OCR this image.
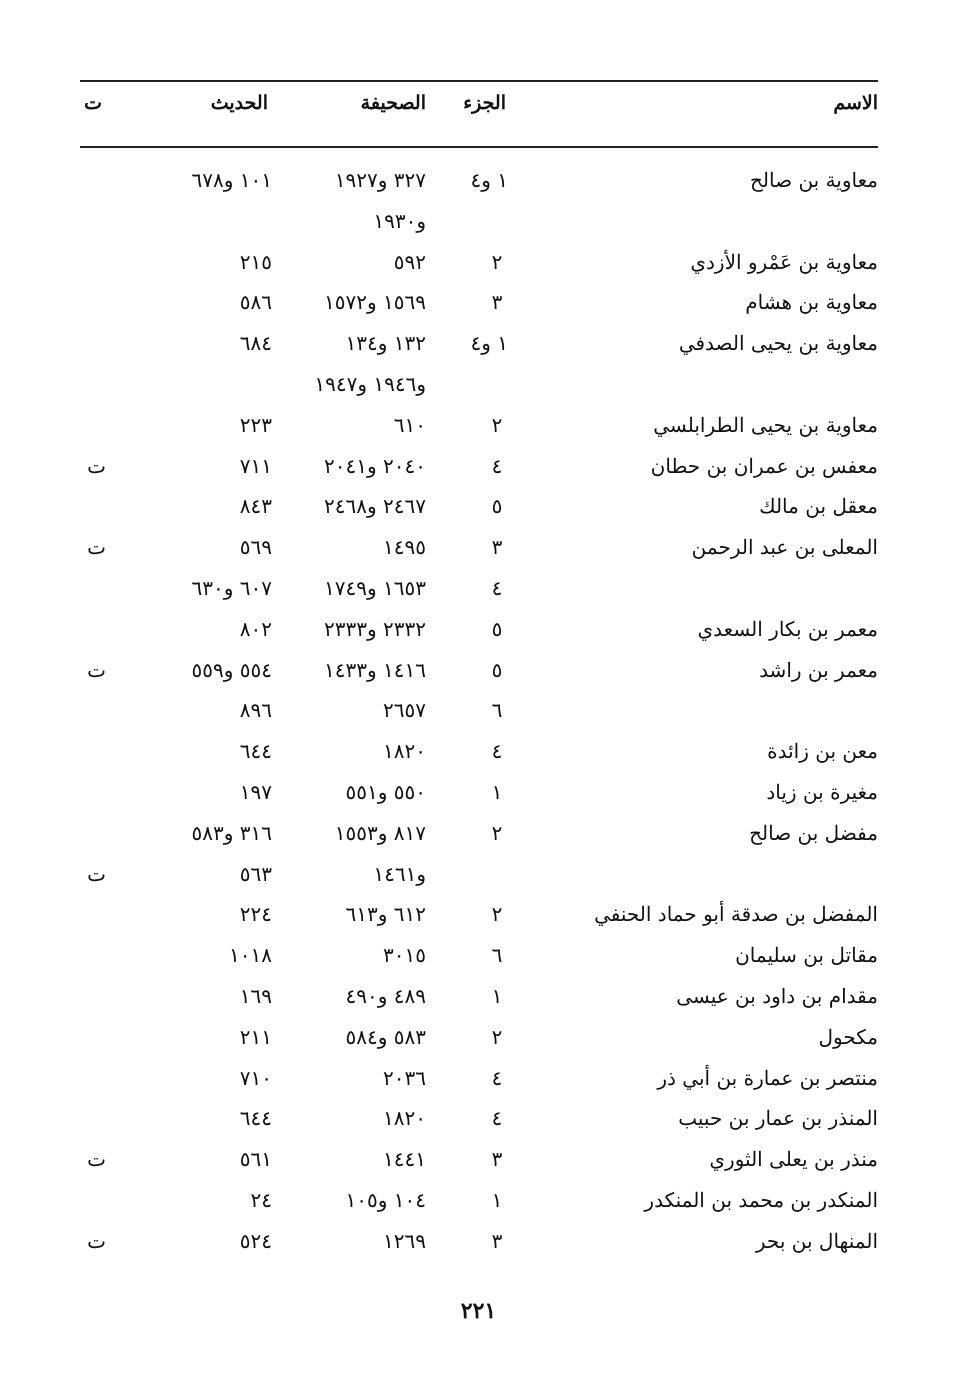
الاسم
الجزء
الصحيفة
الحديث
ت
معاوية بن صالح
١ و٤
٣٢٧ و١٩٢٧
١٠١ و٦٧٨
و١٩٣٠
معاوية بن عَمْرو الأزدي
٢
٥٩٢
٢١٥
معاوية بن هشام
٣
١٥٦٩ و١٥٧٢
٥٨٦
معاوية بن يحيى الصدفي
١ و٤
١٣٢ و١٣٤
٦٨٤
و١٩٤٦ و١٩٤٧
معاوية بن يحيى الطرابلسي
٢
٦١٠
٢٢٣
معفس بن عمران بن حطان
٤
٢٠٤٠ و٢٠٤١
٧١١
ت
معقل بن مالك
٥
٢٤٦٧ و٢٤٦٨
٨٤٣
المعلى بن عبد الرحمن
٣
١٤٩٥
٥٦٩
ت
٤
١٦٥٣ و١٧٤٩
٦٠٧ و٦٣٠
معمر بن بكار السعدي
٥
٢٣٣٢ و٢٣٣٣
٨٠٢
معمر بن راشد
٥
١٤١٦ و١٤٣٣
٥٥٤ و٥٥٩
ت
٦
٢٦٥٧
٨٩٦
معن بن زائدة
٤
١٨٢٠
٦٤٤
مغيرة بن زياد
١
٥٥٠ و٥٥١
١٩٧
مفضل بن صالح
٢
٨١٧ و١٥٥٣
٣١٦ و٥٨٣
و١٤٦١
٥٦٣
ت
المفضل بن صدقة أبو حماد الحنفي
٢
٦١٢ و٦١٣
٢٢٤
مقاتل بن سليمان
٦
٣٠١٥
١٠١٨
مقدام بن داود بن عيسى
١
٤٨٩ و٤٩٠
١٦٩
مكحول
٢
٥٨٣ و٥٨٤
٢١١
منتصر بن عمارة بن أبي ذر
٤
٢٠٣٦
٧١٠
المنذر بن عمار بن حبيب
٤
١٨٢٠
٦٤٤
منذر بن يعلى الثوري
٣
١٤٤١
٥٦١
ت
المنكدر بن محمد بن المنكدر
١
١٠٤ و١٠٥
٢٤
المنهال بن بحر
٣
١٢٦٩
٥٢٤
ت
٢٢١
